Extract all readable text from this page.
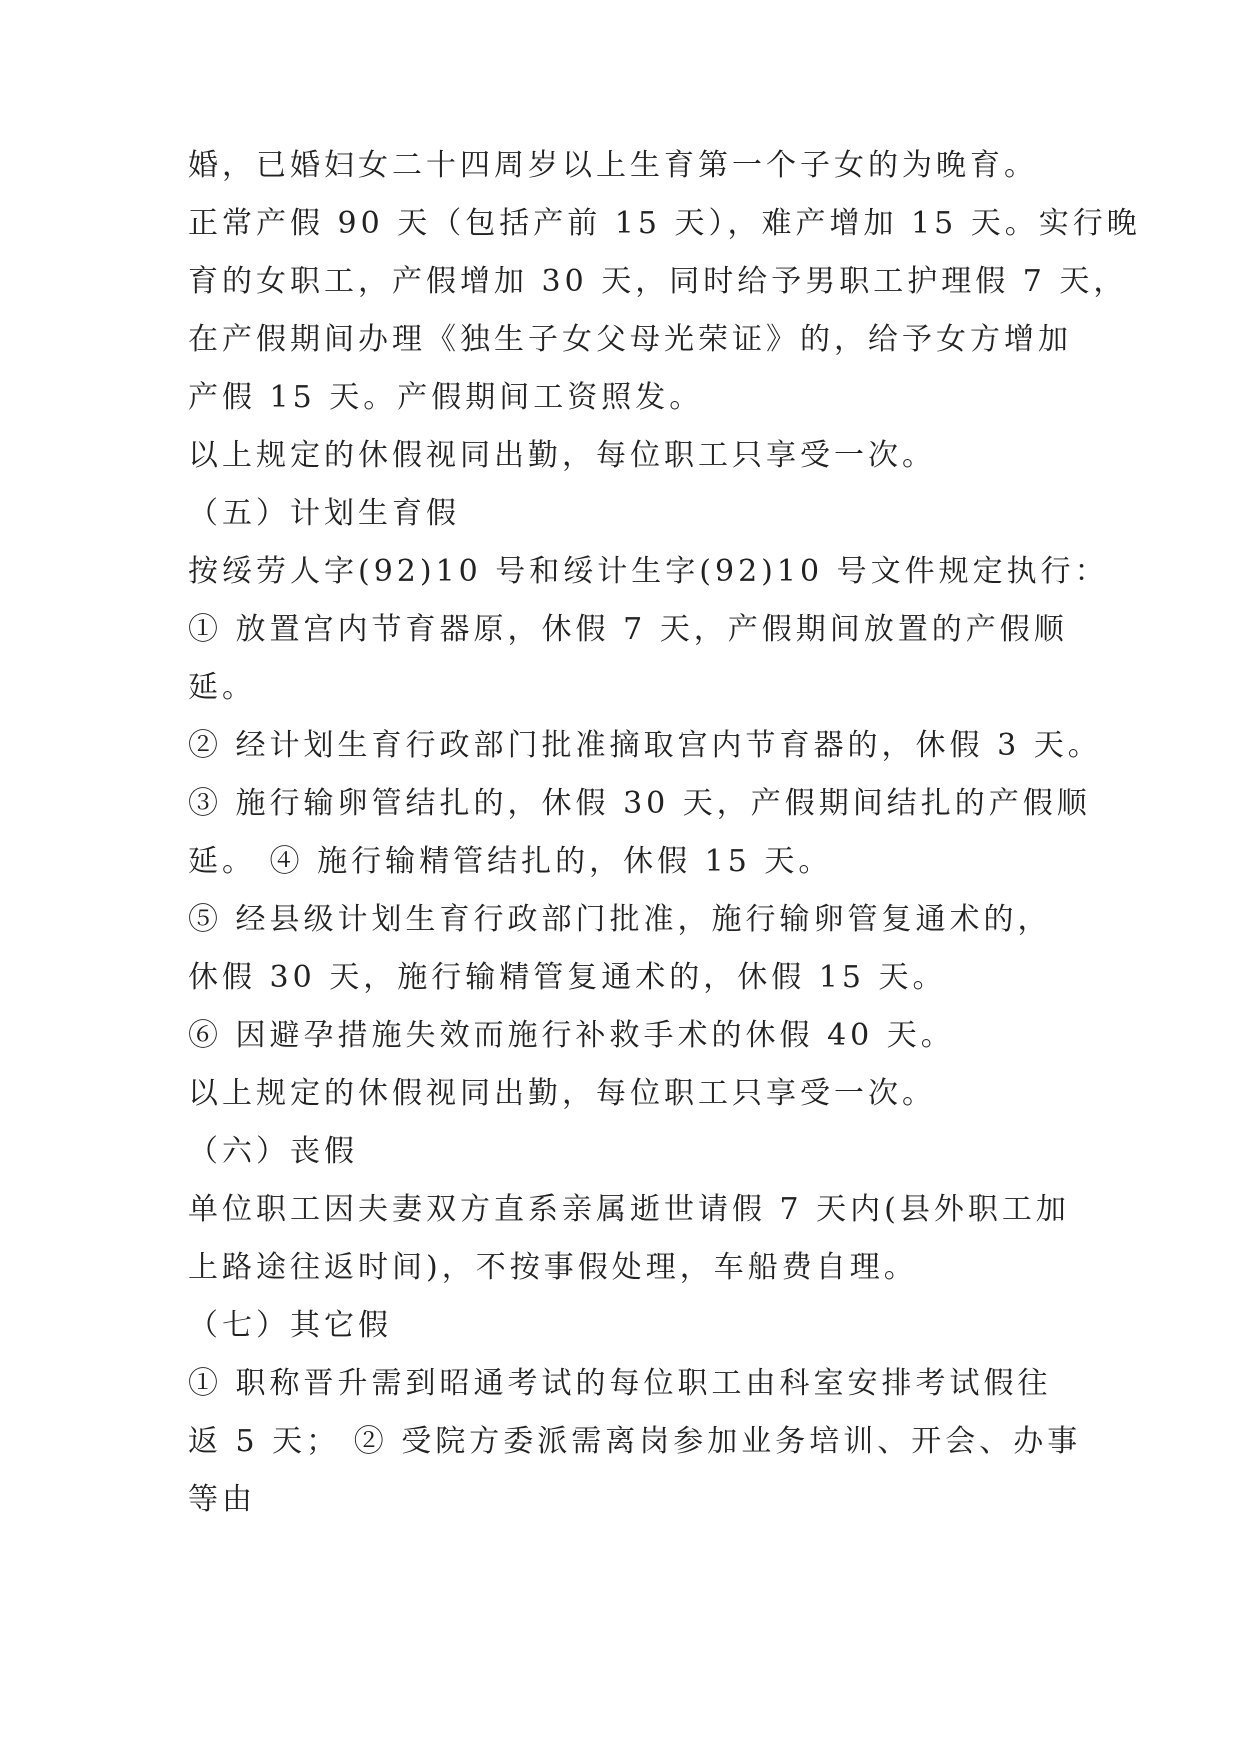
婚，已婚妇女二十四周岁以上生育第一个子女的为晚育。
正常产假 90 天（包括产前 15 天），难产增加 15 天。实行晚
育的女职工，产假增加 30 天，同时给予男职工护理假 7 天，
在产假期间办理《独生子女父母光荣证》的，给予女方增加
产假 15 天。产假期间工资照发。
以上规定的休假视同出勤，每位职工只享受一次。
（五）计划生育假
按绥劳人字(92)10 号和绥计生字(92)10 号文件规定执行：
① 放置宫内节育器原，休假 7 天，产假期间放置的产假顺
延。
② 经计划生育行政部门批准摘取宫内节育器的，休假 3 天。
③ 施行输卵管结扎的，休假 30 天，产假期间结扎的产假顺
延。 ④ 施行输精管结扎的，休假 15 天。
⑤ 经县级计划生育行政部门批准，施行输卵管复通术的，
休假 30 天，施行输精管复通术的，休假 15 天。
⑥ 因避孕措施失效而施行补救手术的休假 40 天。
以上规定的休假视同出勤，每位职工只享受一次。
（六）丧假
单位职工因夫妻双方直系亲属逝世请假 7 天内(县外职工加
上路途往返时间)，不按事假处理，车船费自理。
（七）其它假
① 职称晋升需到昭通考试的每位职工由科室安排考试假往
返 5 天； ② 受院方委派需离岗参加业务培训、开会、办事
等由
